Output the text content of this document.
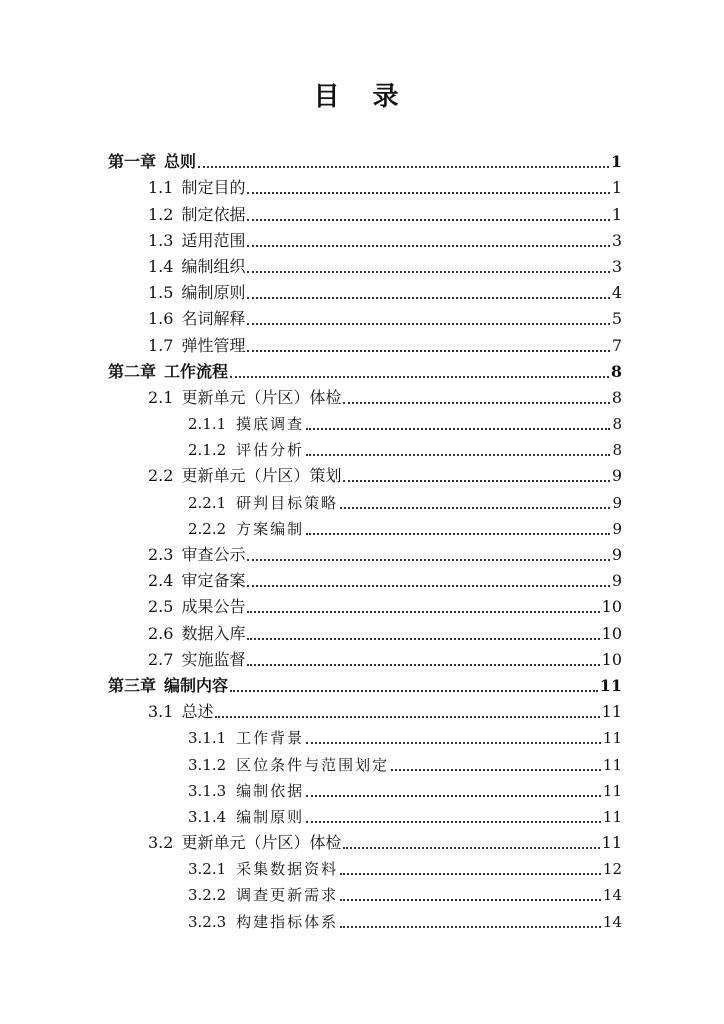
目 录
第一章 总则	1
1.1 制定目的	1
1.2 制定依据	1
1.3 适用范围	3
1.4 编制组织	3
1.5 编制原则	4
1.6 名词解释	5
1.7 弹性管理	7
第二章 工作流程	8
2.1 更新单元（片区）体检	8
2.1.1 摸底调查	8
2.1.2 评估分析	8
2.2 更新单元（片区）策划	9
2.2.1 研判目标策略	9
2.2.2 方案编制	9
2.3 审查公示	9
2.4 审定备案	9
2.5 成果公告	10
2.6 数据入库	10
2.7 实施监督	10
第三章 编制内容	11
3.1 总述	11
3.1.1 工作背景	11
3.1.2 区位条件与范围划定	11
3.1.3 编制依据	11
3.1.4 编制原则	11
3.2 更新单元（片区）体检	11
3.2.1 采集数据资料	12
3.2.2 调查更新需求	14
3.2.3 构建指标体系	14
